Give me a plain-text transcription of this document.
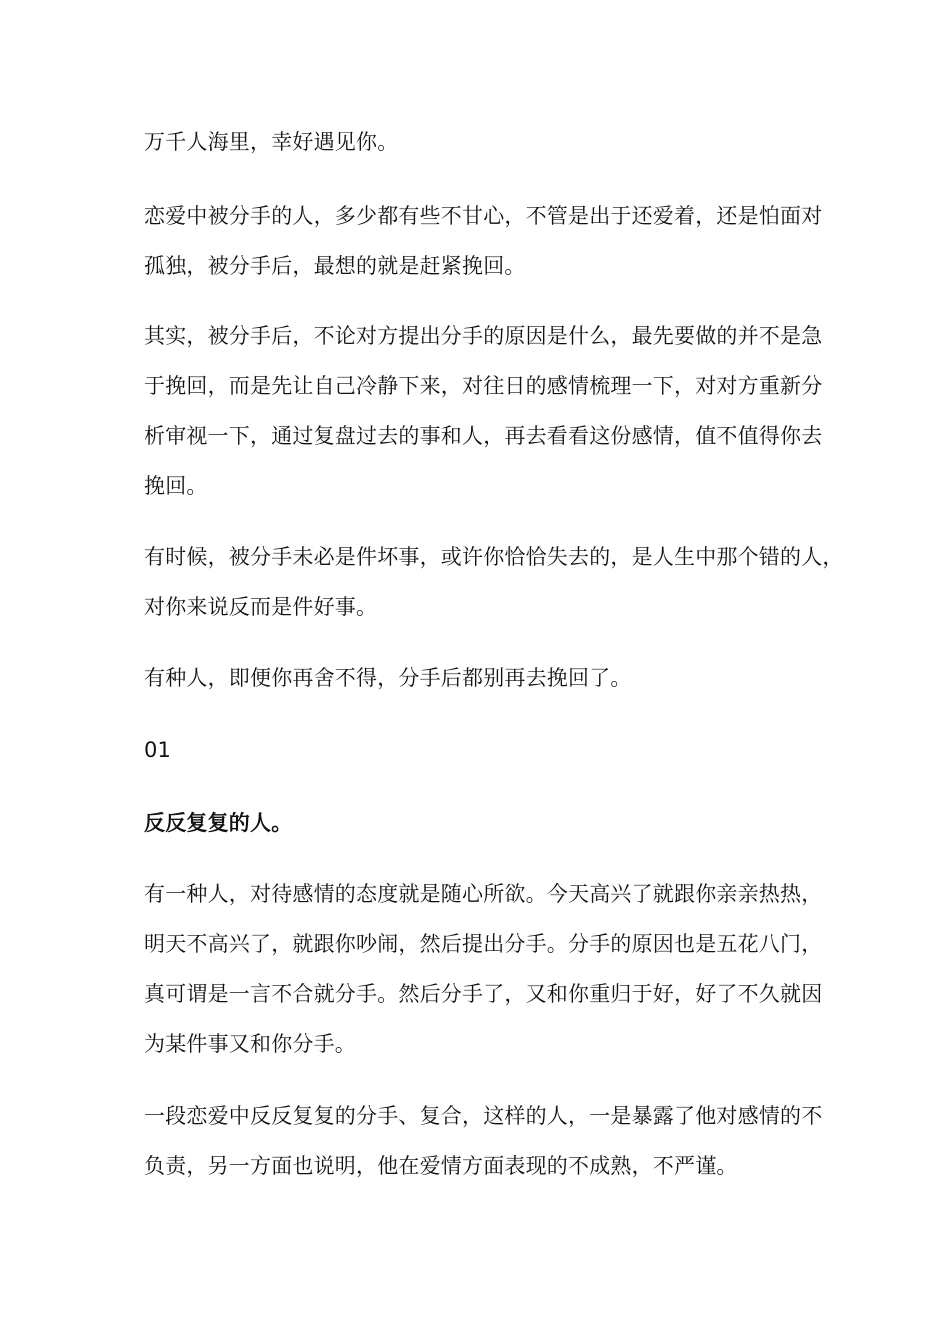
万千人海里，幸好遇见你。
恋爱中被分手的人，多少都有些不甘心，不管是出于还爱着，还是怕面对
孤独，被分手后，最想的就是赶紧挽回。
其实，被分手后，不论对方提出分手的原因是什么，最先要做的并不是急
于挽回，而是先让自己冷静下来，对往日的感情梳理一下，对对方重新分
析审视一下，通过复盘过去的事和人，再去看看这份感情，值不值得你去
挽回。
有时候，被分手未必是件坏事，或许你恰恰失去的，是人生中那个错的人，
对你来说反而是件好事。
有种人，即便你再舍不得，分手后都别再去挽回了。
01
反反复复的人。
有一种人，对待感情的态度就是随心所欲。今天高兴了就跟你亲亲热热，
明天不高兴了，就跟你吵闹，然后提出分手。分手的原因也是五花八门，
真可谓是一言不合就分手。然后分手了，又和你重归于好，好了不久就因
为某件事又和你分手。
一段恋爱中反反复复的分手、复合，这样的人，一是暴露了他对感情的不
负责，另一方面也说明，他在爱情方面表现的不成熟，不严谨。
